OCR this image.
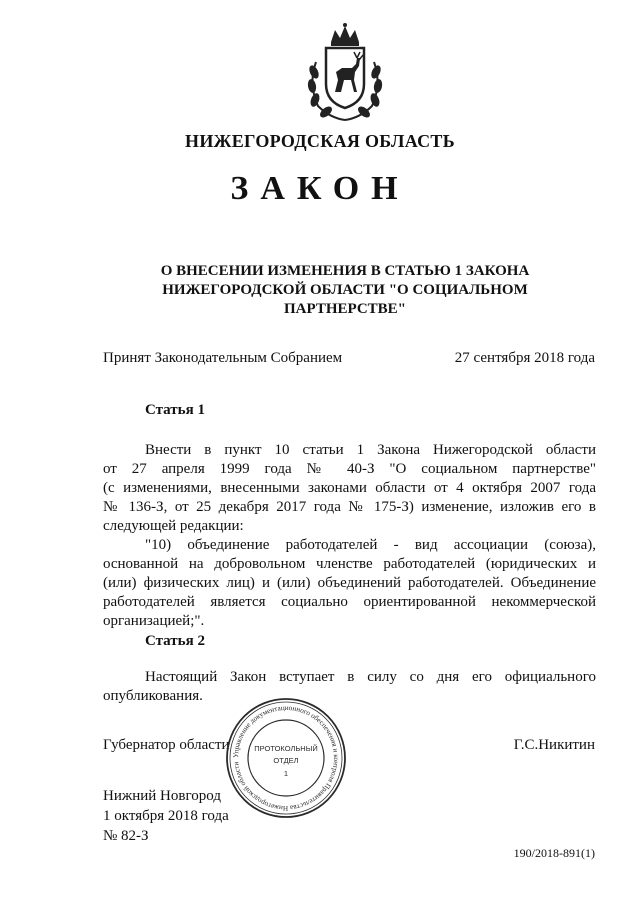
НИЖЕГОРОДСКАЯ ОБЛАСТЬ
ЗАКОН
О ВНЕСЕНИИ ИЗМЕНЕНИЯ В СТАТЬЮ 1 ЗАКОНА
НИЖЕГОРОДСКОЙ ОБЛАСТИ "О СОЦИАЛЬНОМ
ПАРТНЕРСТВЕ"
Принят Законодательным Собранием	27 сентября 2018 года
Статья 1
Внести в пункт 10 статьи 1 Закона Нижегородской области
от 27 апреля 1999 года № 40-З "О социальном партнерстве"
(с изменениями, внесенными законами области от 4 октября 2007 года
№ 136-З, от 25 декабря 2017 года № 175-З) изменение, изложив его в
следующей редакции:
"10) объединение работодателей - вид ассоциации (союза),
основанной на добровольном членстве работодателей (юридических и
(или) физических лиц) и (или) объединений работодателей. Объединение
работодателей является социально ориентированной некоммерческой
организацией;".
Статья 2
Настоящий Закон вступает в силу со дня его официального
опубликования.
Губернатор области
Управление документационного обеспечения и контроля Правительства Нижегородской области
ПРОТОКОЛЬНЫЙ
ОТДЕЛ
1
Г.С.Никитин
Нижний Новгород
1 октября 2018 года
№ 82-З
190/2018-891(1)
